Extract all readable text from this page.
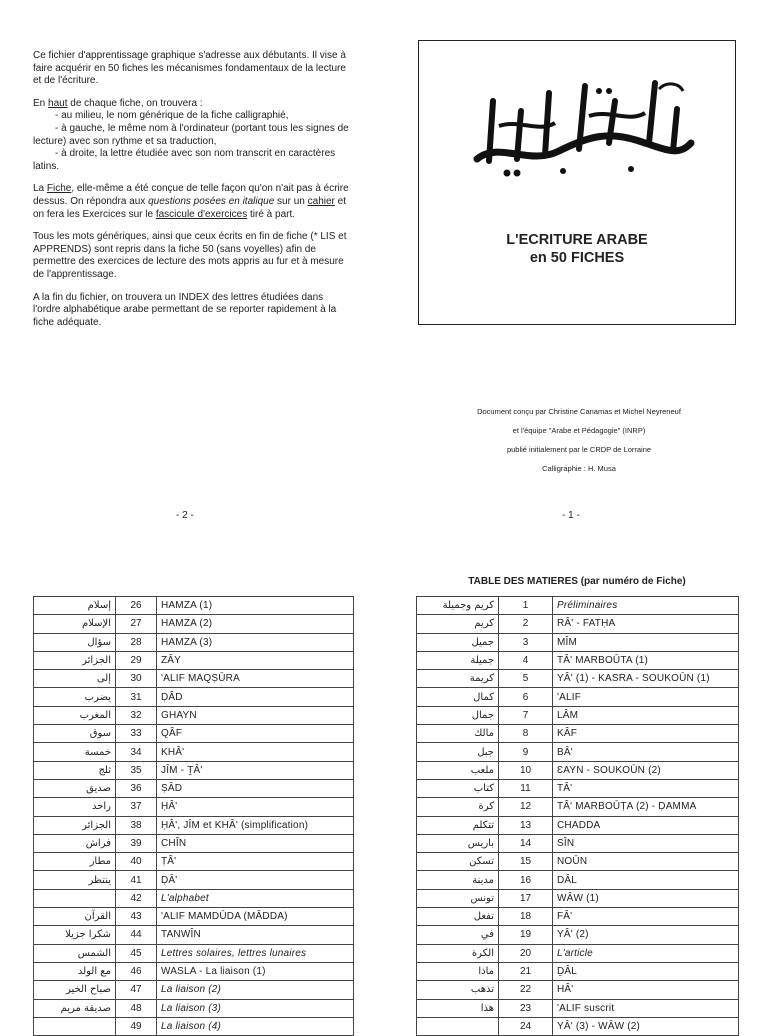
Ce fichier d'apprentissage graphique s'adresse aux débutants. Il vise à faire acquérir en 50 fiches les mécanismes fondamentaux de la lecture et de l'écriture.

En haut de chaque fiche, on trouvera :

- au milieu, le nom générique de la fiche calligraphié,
- à gauche, le même nom à l'ordinateur (portant tous les signes de lecture) avec son rythme et sa traduction,
- à droite, la lettre étudiée avec son nom transcrit en caractères latins.

La Fiche, elle-même a été conçue de telle façon qu'on n'ait pas à écrire dessus. On répondra aux questions posées en italique sur un cahier et on fera les Exercices sur le fascicule d'exercices tiré à part.

Tous les mots génériques, ainsi que ceux écrits en fin de fiche (* LIS et APPRENDS) sont repris dans la fiche 50 (sans voyelles) afin de permettre des exercices de lecture des mots appris au fur et à mesure de l'apprentissage.

A la fin du fichier, on trouvera un INDEX des lettres étudiées dans l'ordre alphabétique arabe permettant de se reporter rapidement à la fiche adéquate.

L'ECRITURE ARABE
en 50 FICHES
Document conçu par Christine Canamas et Michel Neyreneuf
et l'équipe "Arabe et Pédagogie" (INRP)
publié initialement par le CRDP de Lorraine
Calligraphie : H. Musa
- 2 -	- 1 -
TABLE DES MATIERES (par numéro de Fiche)
إسلام	26	HAMZA (1)
الإسلام	27	HAMZA (2)
سؤال	28	HAMZA (3)
الجزائر	29	ZÂY
إلى	30	'ALIF MAQṢŪRA
يضرب	31	ḌÂD
المغرب	32	GHAYN
سوق	33	QÂF
خمسة	34	KHÂ'
ثلج	35	JÎM - ṮÂ'
صديق	36	ṢÂD
راحد	37	ḤÂ'
الجزائر	38	ḤÂ', JÎM et KHÂ' (simplification)
فراش	39	CHÎN
مطار	40	ṬÂ'
ينتظر	41	ḌÂ'
	42	L'alphabet
القرآن	43	'ALIF MAMDŪDA (MÂDDA)
شكرا جزيلا	44	TANWÎN
الشمس	45	Lettres solaires, lettres lunaires
مع الولد	46	WASLA - La liaison (1)
صباح الخير	47	La liaison (2)
صديقة مريم	48	La liaison (3)
	49	La liaison (4)
كريم وجميلة	1	Préliminaires
كريم	2	RÂ' - FATḤA
جميل	3	MÎM
جميلة	4	TÂ' MARBOŪTA (1)
كريمة	5	YÂ' (1) - KASRA - SOUKOŪN (1)
كمال	6	'ALIF
جمال	7	LÂM
مالك	8	KÂF
جبل	9	BÂ'
ملعب	10	ƐAYN - SOUKOŪN (2)
كتاب	11	TÂ'
كرة	12	TÂ' MARBOŪṬA (2) - ḌAMMA
تتكلم	13	CHADDA
باريس	14	SÎN
تسكن	15	NOŪN
مدينة	16	DÂL
تونس	17	WÂW (1)
تفعل	18	FÂ'
في	19	YÂ' (2)
الكرة	20	L'article
ماذا	21	ḎÂL
تذهب	22	HÂ'
هذا	23	'ALIF suscrit
	24	YÂ' (3) - WÂW (2)
